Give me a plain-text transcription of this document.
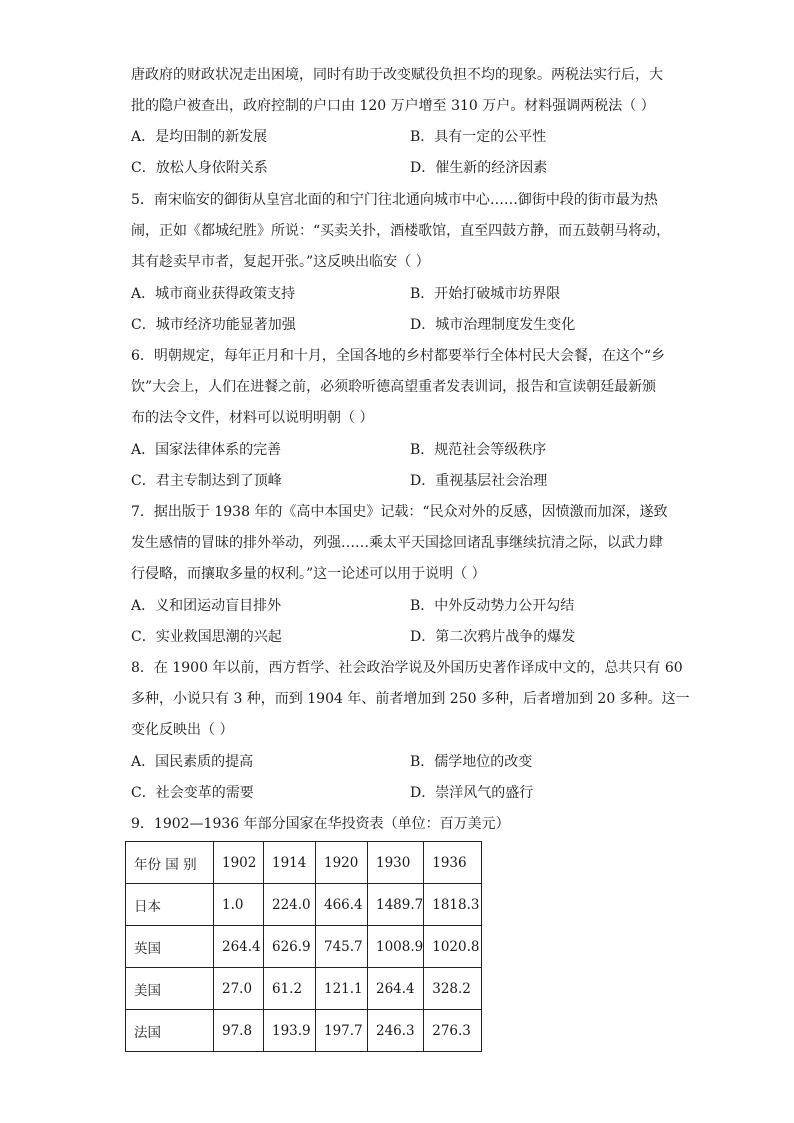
唐政府的财政状况走出困境，同时有助于改变赋役负担不均的现象。两税法实行后，大
批的隐户被查出，政府控制的户口由 120 万户增至 310 万户。材料强调两税法（ ）
A．是均田制的新发展	B．具有一定的公平性
C．放松人身依附关系	D．催生新的经济因素
5．南宋临安的御街从皇宫北面的和宁门往北通向城市中心……御街中段的街市最为热
闹，正如《都城纪胜》所说：“买卖关扑，酒楼歌馆，直至四鼓方静，而五鼓朝马将动，
其有趁卖早市者，复起开张。”这反映出临安（ ）
A．城市商业获得政策支持	B．开始打破城市坊界限
C．城市经济功能显著加强	D．城市治理制度发生变化
6．明朝规定，每年正月和十月，全国各地的乡村都要举行全体村民大会餐，在这个“乡
饮”大会上，人们在进餐之前，必须聆听德高望重者发表训词，报告和宣读朝廷最新颁
布的法令文件，材料可以说明明朝（ ）
A．国家法律体系的完善	B．规范社会等级秩序
C．君主专制达到了顶峰	D．重视基层社会治理
7．据出版于 1938 年的《高中本国史》记载：“民众对外的反感，因愤激而加深，遂致
发生感情的冒昧的排外举动，列强……乘太平天国捻回诸乱事继续抗清之际，以武力肆
行侵略，而攘取多量的权利。”这一论述可以用于说明（ ）
A．义和团运动盲目排外	B．中外反动势力公开勾结
C．实业救国思潮的兴起	D．第二次鸦片战争的爆发
8．在 1900 年以前，西方哲学、社会政治学说及外国历史著作译成中文的，总共只有 60
多种，小说只有 3 种，而到 1904 年、前者增加到 250 多种，后者增加到 20 多种。这一
变化反映出（ ）
A．国民素质的提高	B．儒学地位的改变
C．社会变革的需要	D．崇洋风气的盛行
9．1902—1936 年部分国家在华投资表（单位：百万美元）
年份 国 别	1902	1914	1920	1930	1936
日本	1.0	224.0	466.4	1489.7	1818.3
英国	264.4	626.9	745.7	1008.9	1020.8
美国	27.0	61.2	121.1	264.4	328.2
法国	97.8	193.9	197.7	246.3	276.3
